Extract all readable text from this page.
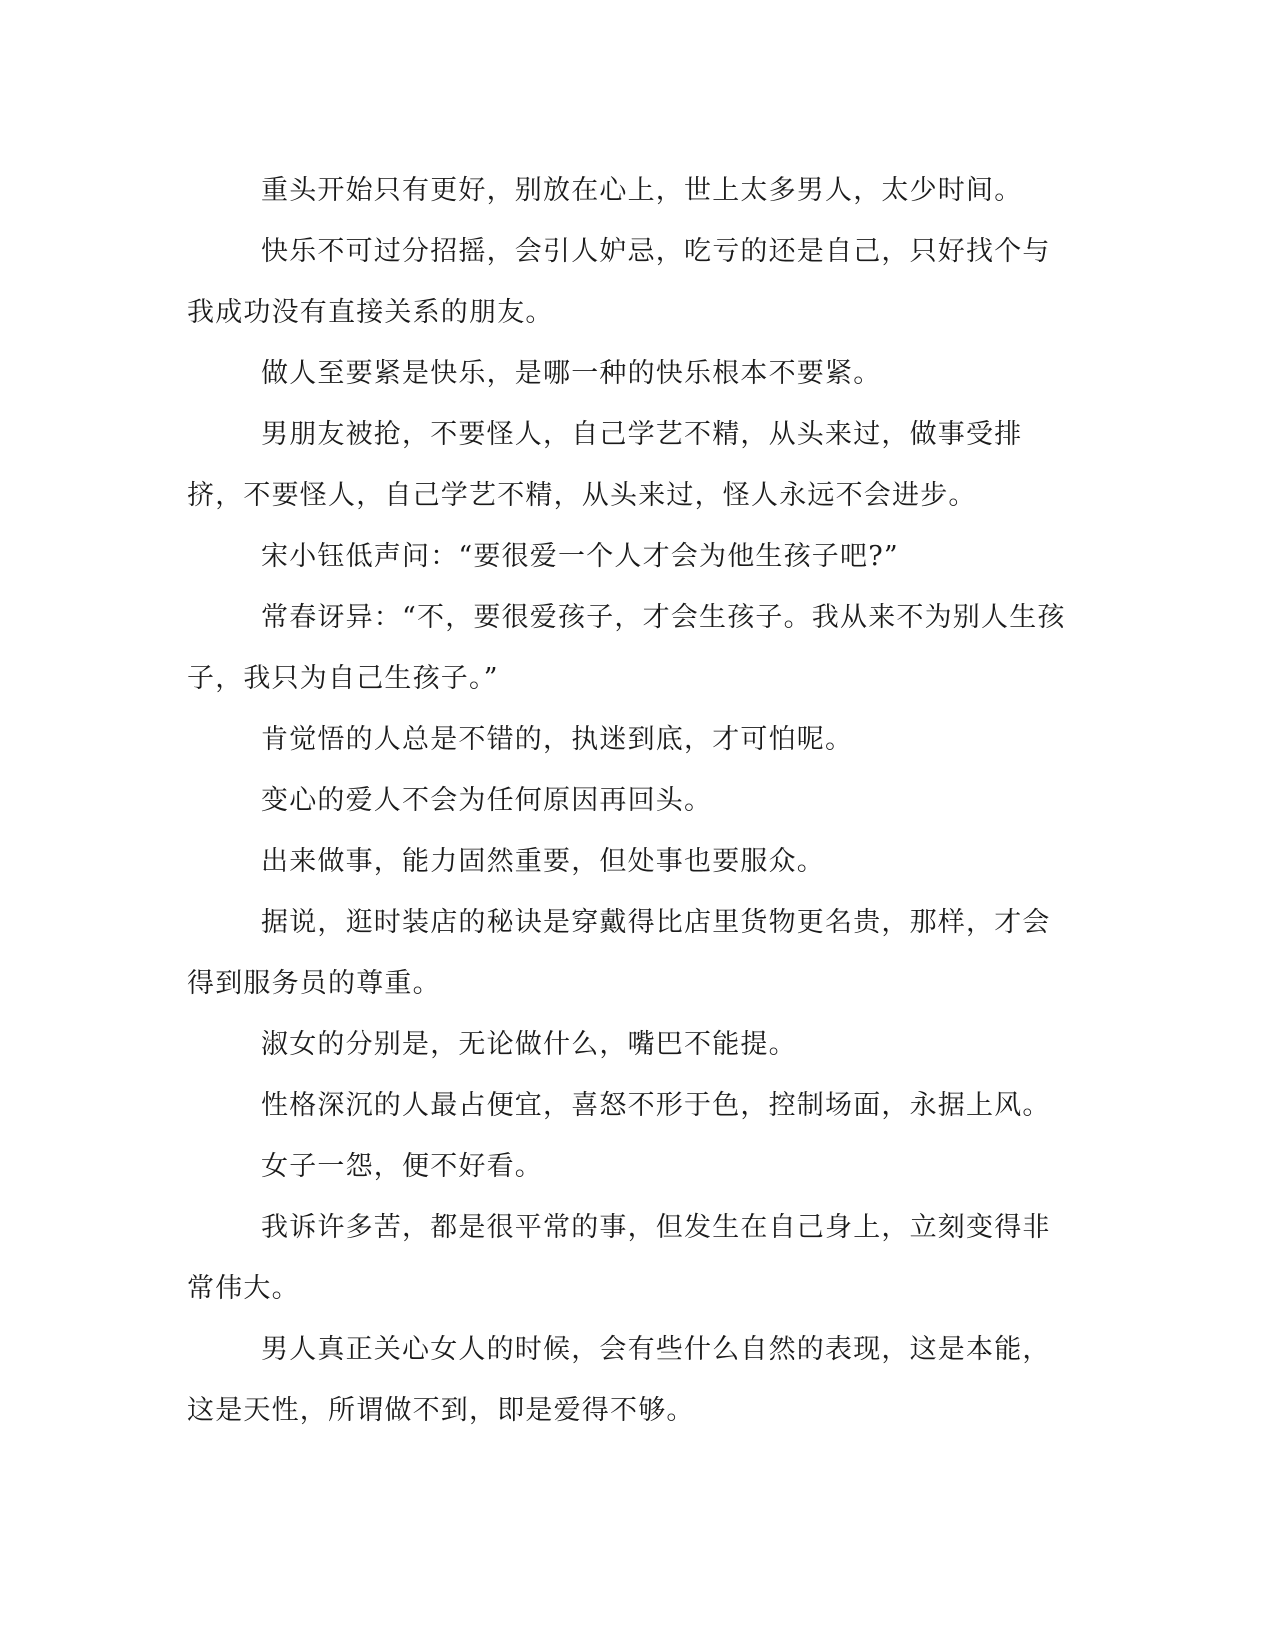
重头开始只有更好，别放在心上，世上太多男人，太少时间。

快乐不可过分招摇，会引人妒忌，吃亏的还是自己，只好找个与我成功没有直接关系的朋友。

做人至要紧是快乐，是哪一种的快乐根本不要紧。

男朋友被抢，不要怪人，自己学艺不精，从头来过，做事受排挤，不要怪人，自己学艺不精，从头来过，怪人永远不会进步。

宋小钰低声问：“要很爱一个人才会为他生孩子吧?”

常春讶异：“不，要很爱孩子，才会生孩子。我从来不为别人生孩子，我只为自己生孩子。”

肯觉悟的人总是不错的，执迷到底，才可怕呢。

变心的爱人不会为任何原因再回头。

出来做事，能力固然重要，但处事也要服众。

据说，逛时装店的秘诀是穿戴得比店里货物更名贵，那样，才会得到服务员的尊重。

淑女的分别是，无论做什么，嘴巴不能提。

性格深沉的人最占便宜，喜怒不形于色，控制场面，永据上风。

女子一怨，便不好看。

我诉许多苦，都是很平常的事，但发生在自己身上，立刻变得非常伟大。

男人真正关心女人的时候，会有些什么自然的表现，这是本能，这是天性，所谓做不到，即是爱得不够。
